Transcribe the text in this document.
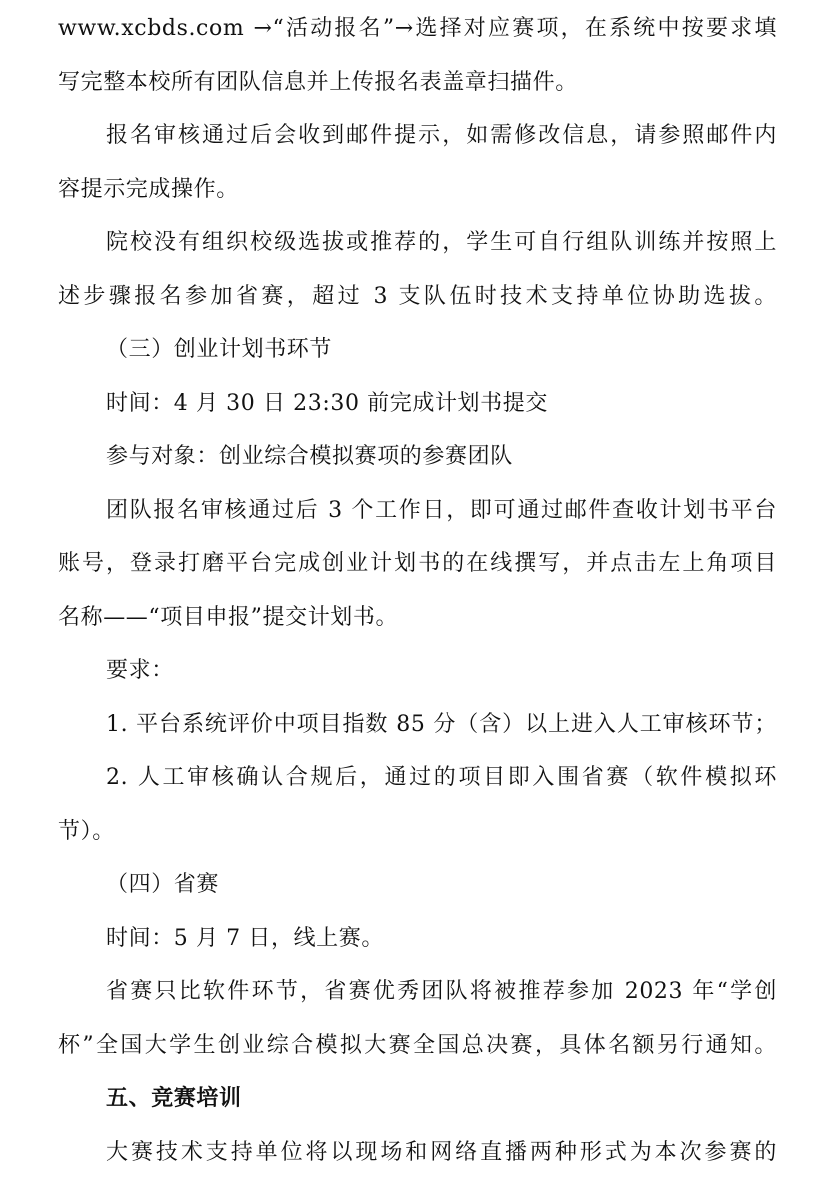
www.xcbds.com →“活动报名”→选择对应赛项，在系统中按要求填
写完整本校所有团队信息并上传报名表盖章扫描件。
报名审核通过后会收到邮件提示，如需修改信息，请参照邮件内
容提示完成操作。
院校没有组织校级选拔或推荐的，学生可自行组队训练并按照上
述步骤报名参加省赛，超过 3 支队伍时技术支持单位协助选拔。
（三）创业计划书环节
时间：4 月 30 日 23:30 前完成计划书提交
参与对象：创业综合模拟赛项的参赛团队
团队报名审核通过后 3 个工作日，即可通过邮件查收计划书平台
账号，登录打磨平台完成创业计划书的在线撰写，并点击左上角项目
名称——“项目申报”提交计划书。
要求：
1. 平台系统评价中项目指数 85 分（含）以上进入人工审核环节；
2. 人工审核确认合规后，通过的项目即入围省赛（软件模拟环
节）。
（四）省赛
时间：5 月 7 日，线上赛。
省赛只比软件环节，省赛优秀团队将被推荐参加 2023 年“学创
杯”全国大学生创业综合模拟大赛全国总决赛，具体名额另行通知。
五、竞赛培训
大赛技术支持单位将以现场和网络直播两种形式为本次参赛的
